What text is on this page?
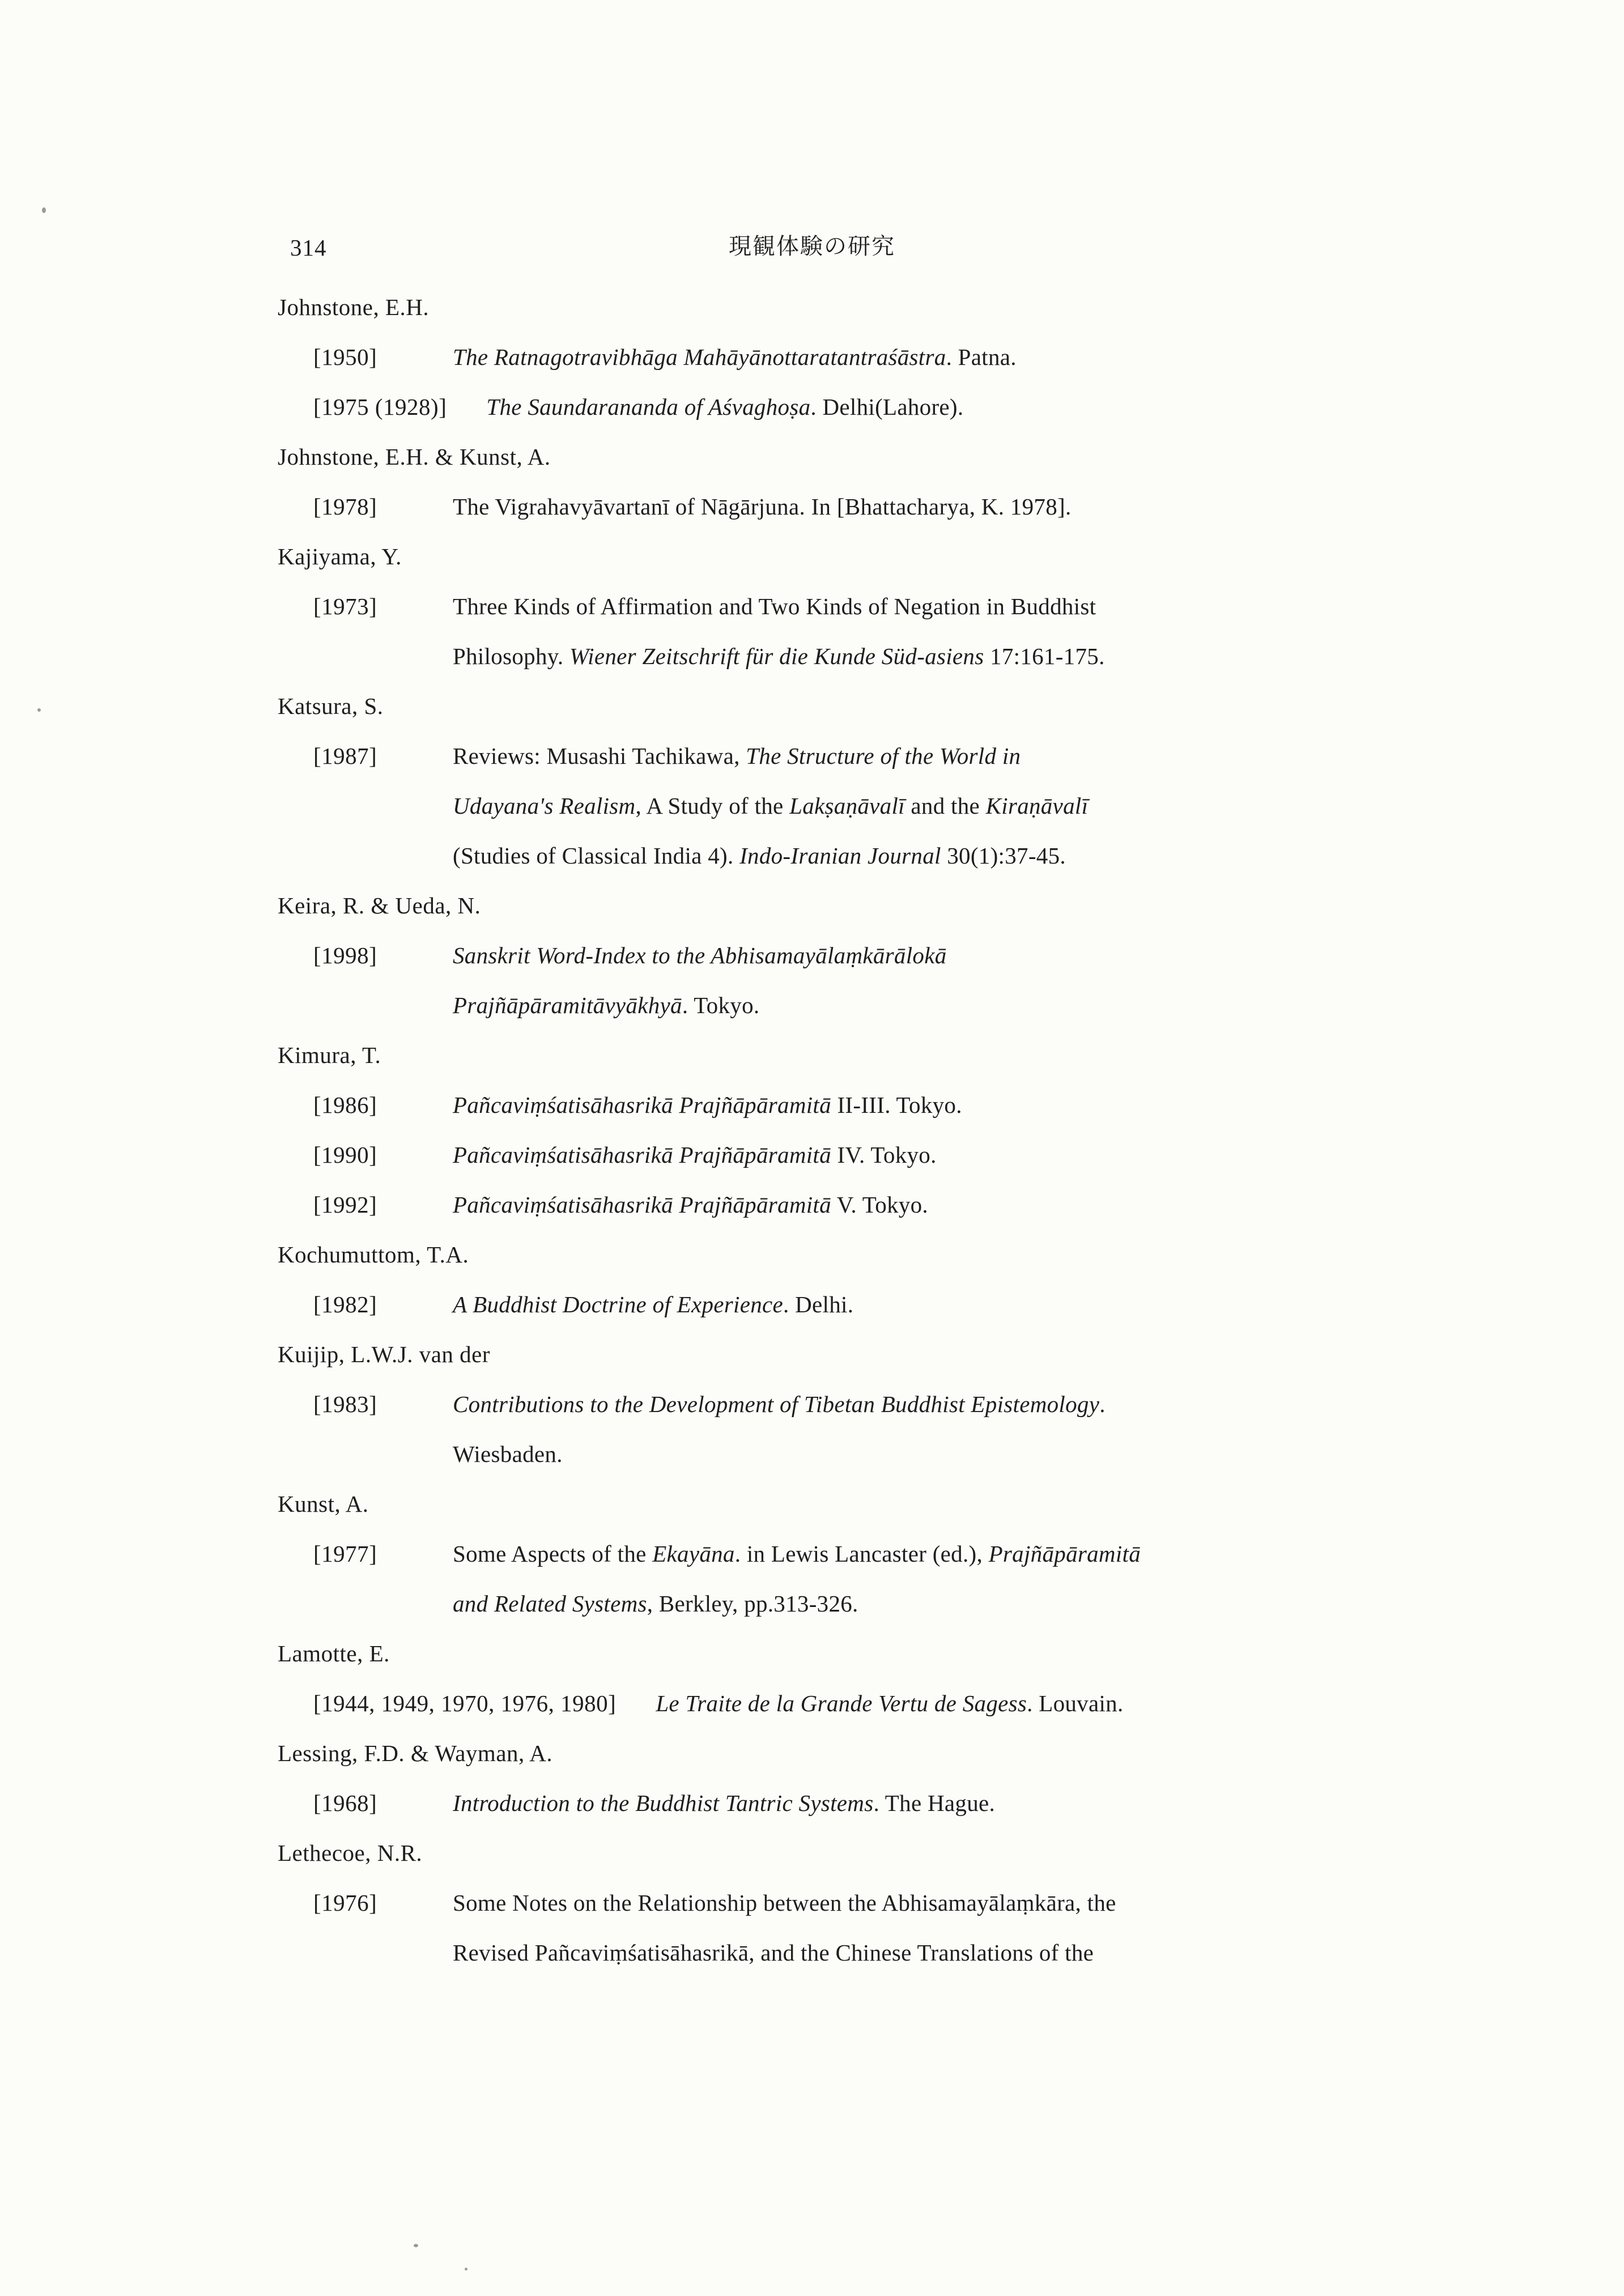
314	現観体験の研究
Johnstone, E.H.
[1950]	The Ratnagotravibhāga Mahāyānottaratantraśāstra. Patna.
[1975 (1928)]	The Saundarananda of Aśvaghoṣa. Delhi(Lahore).
Johnstone, E.H. & Kunst, A.
[1978]	The Vigrahavyāvartanī of Nāgārjuna. In [Bhattacharya, K. 1978].
Kajiyama, Y.
[1973]	Three Kinds of Affirmation and Two Kinds of Negation in Buddhist
Philosophy. Wiener Zeitschrift für die Kunde Süd-asiens 17:161-175.
Katsura, S.
[1987]	Reviews: Musashi Tachikawa, The Structure of the World in
Udayana's Realism, A Study of the Lakṣaṇāvalī and the Kiraṇāvalī
(Studies of Classical India 4). Indo-Iranian Journal 30(1):37-45.
Keira, R. & Ueda, N.
[1998]	Sanskrit Word-Index to the Abhisamayālaṃkārālokā
Prajñāpāramitāvyākhyā. Tokyo.
Kimura, T.
[1986]	Pañcaviṃśatisāhasrikā Prajñāpāramitā II-III. Tokyo.
[1990]	Pañcaviṃśatisāhasrikā Prajñāpāramitā IV. Tokyo.
[1992]	Pañcaviṃśatisāhasrikā Prajñāpāramitā V. Tokyo.
Kochumuttom, T.A.
[1982]	A Buddhist Doctrine of Experience. Delhi.
Kuijip, L.W.J. van der
[1983]	Contributions to the Development of Tibetan Buddhist Epistemology.
Wiesbaden.
Kunst, A.
[1977]	Some Aspects of the Ekayāna. in Lewis Lancaster (ed.), Prajñāpāramitā
and Related Systems, Berkley, pp.313-326.
Lamotte, E.
[1944, 1949, 1970, 1976, 1980]	Le Traite de la Grande Vertu de Sagess. Louvain.
Lessing, F.D. & Wayman, A.
[1968]	Introduction to the Buddhist Tantric Systems. The Hague.
Lethecoe, N.R.
[1976]	Some Notes on the Relationship between the Abhisamayālaṃkāra, the
Revised Pañcaviṃśatisāhasrikā, and the Chinese Translations of the
